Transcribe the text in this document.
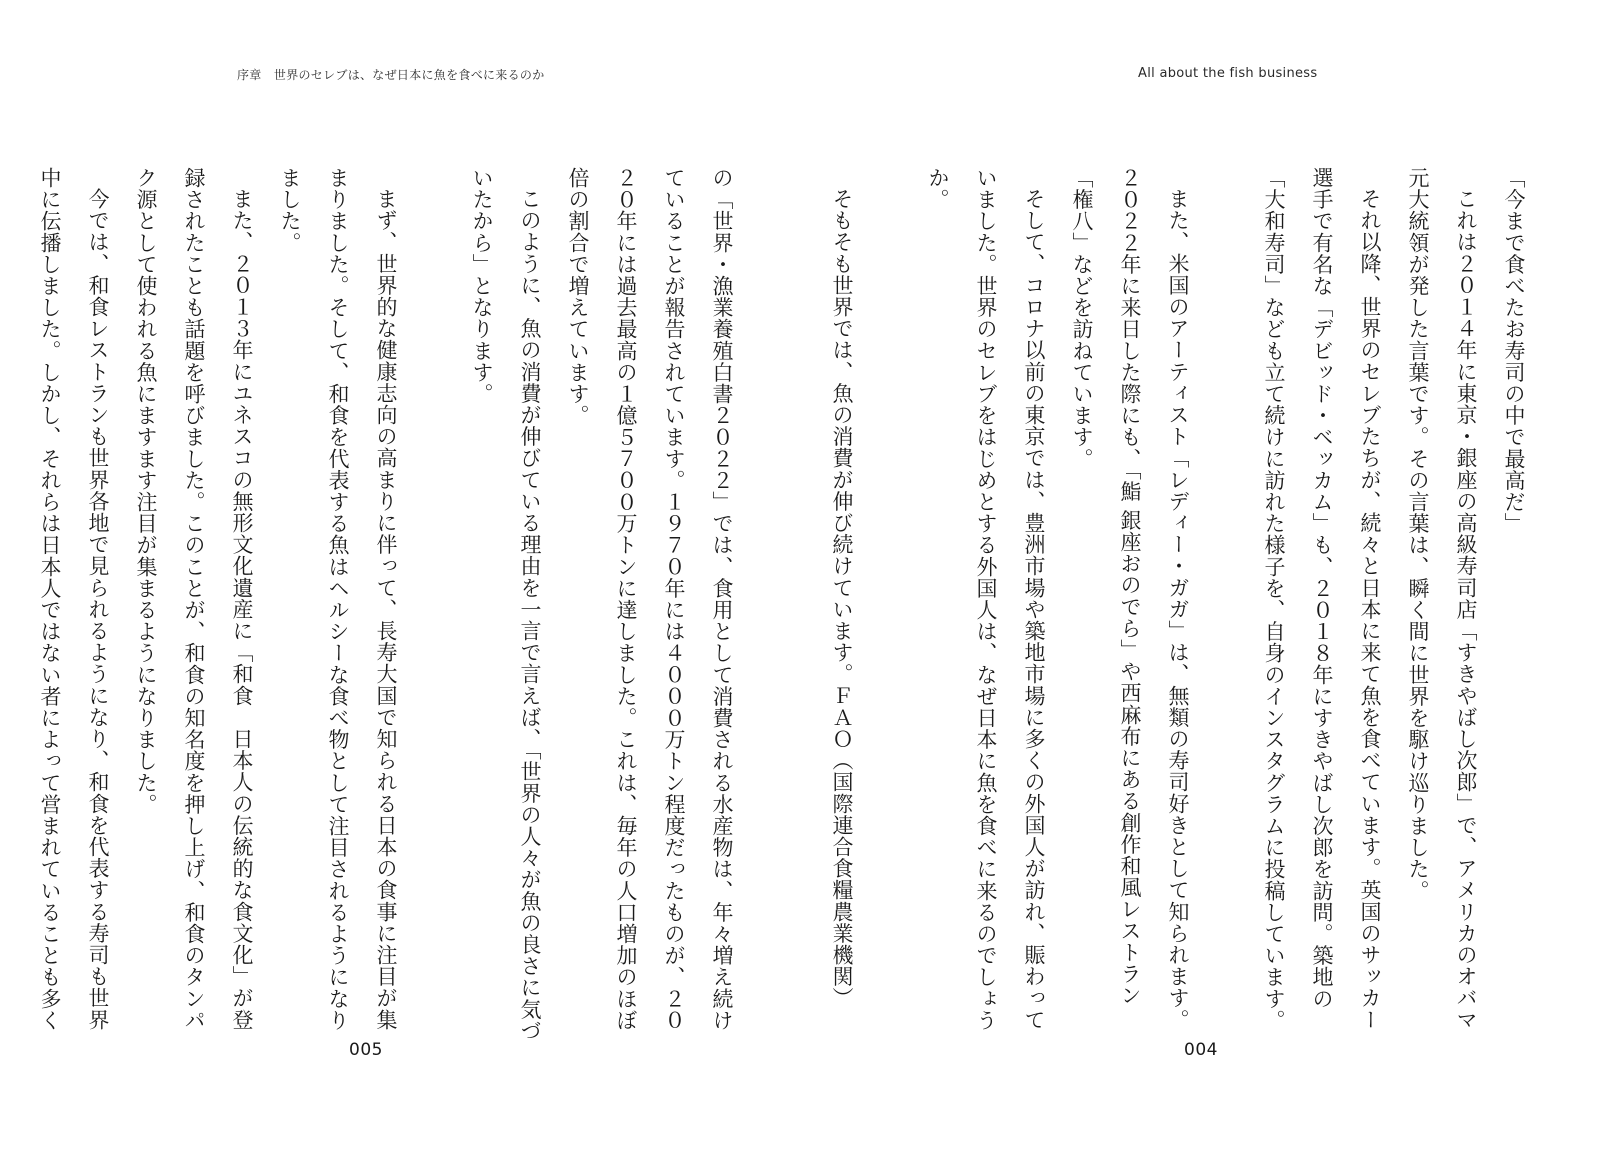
序章　世界のセレブは、なぜ日本に魚を食べに来るのか

の「世界・漁業養殖白書２０２２」では、食用として消費される水産物は、年々増え続けていることが報告されています。１９７０年には４０００万トン程度だったものが、２０２０年には過去最高の１億５７００万トンに達しました。これは、毎年の人口増加のほぼ倍の割合で増えています。

このように、魚の消費が伸びている理由を一言で言えば、「世界の人々が魚の良さに気づいたから」となります。

まず、世界的な健康志向の高まりに伴って、長寿大国で知られる日本の食事に注目が集まりました。そして、和食を代表する魚はヘルシーな食べ物として注目されるようになりました。

また、２０１３年にユネスコの無形文化遺産に「和食　日本人の伝統的な食文化」が登録されたことも話題を呼びました。このことが、和食の知名度を押し上げ、和食のタンパク源として使われる魚にますます注目が集まるようになりました。

今では、和食レストランも世界各地で見られるようになり、和食を代表する寿司も世界中に伝播しました。しかし、それらは日本人ではない者によって営まれていることも多く

005
All about the fish business

「今まで食べたお寿司の中で最高だ」

これは２０１４年に東京・銀座の高級寿司店「すきやばし次郎」で、アメリカのオバマ元大統領が発した言葉です。その言葉は、瞬く間に世界を駆け巡りました。

それ以降、世界のセレブたちが、続々と日本に来て魚を食べています。英国のサッカー選手で有名な「デビッド・ベッカム」も、２０１８年にすきやばし次郎を訪問。築地の「大和寿司」なども立て続けに訪れた様子を、自身のインスタグラムに投稿しています。

また、米国のアーティスト「レディー・ガガ」は、無類の寿司好きとして知られます。２０２２年に来日した際にも、「鮨 銀座おのでら」や西麻布にある創作和風レストラン「権八」などを訪ねています。

そして、コロナ以前の東京では、豊洲市場や築地市場に多くの外国人が訪れ、賑わっていました。世界のセレブをはじめとする外国人は、なぜ日本に魚を食べに来るのでしょうか。

そもそも世界では、魚の消費が伸び続けています。ＦＡＯ（国際連合食糧農業機関）

004
